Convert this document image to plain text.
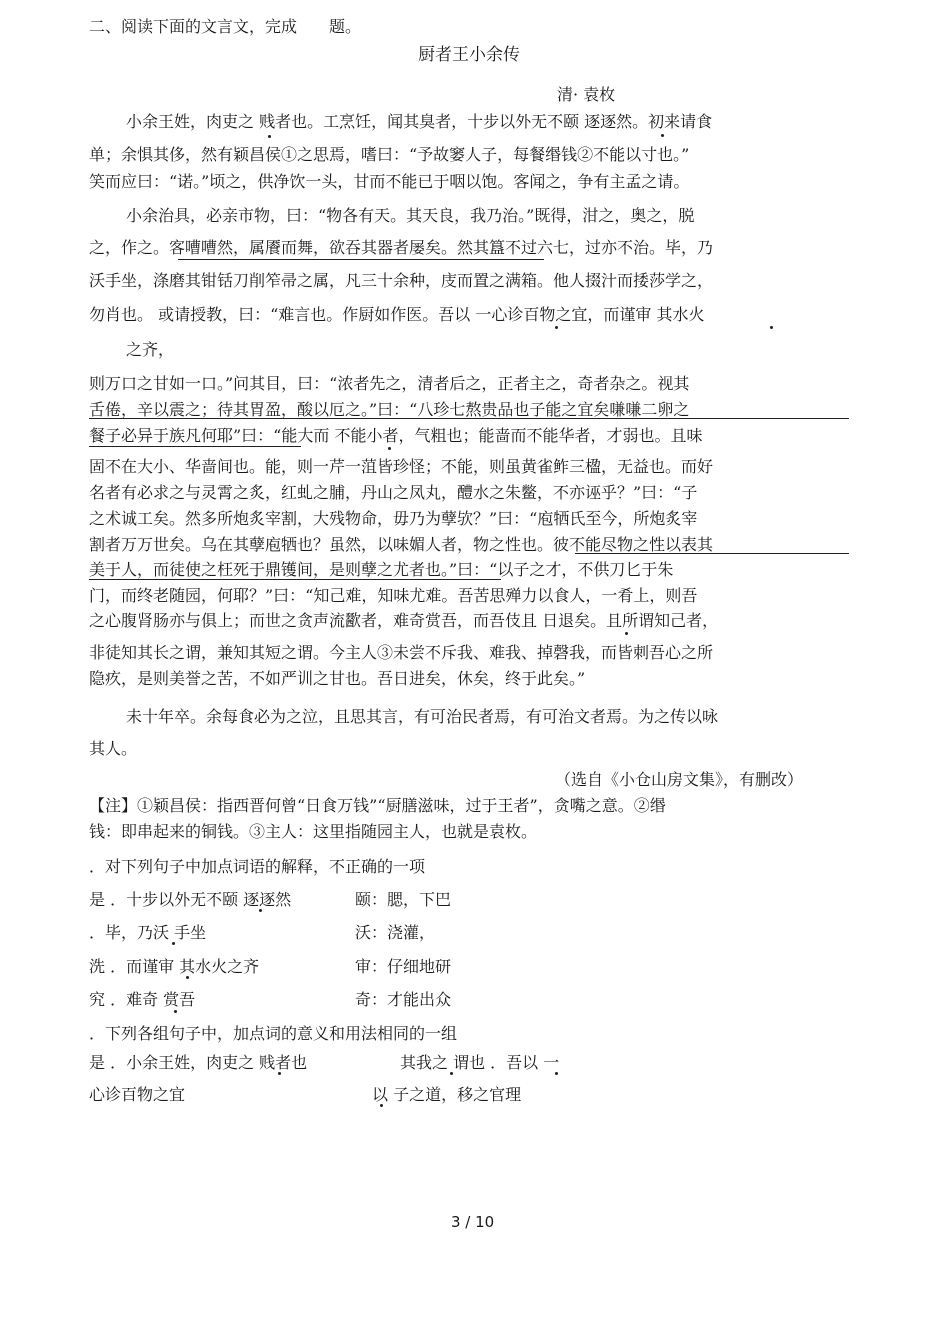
二、阅读下面的文言文，完成　　题。
厨者王小余传
清· 袁枚
小余王姓，肉吏之 贱者也。工烹饪，闻其臭者，十步以外无不颐 逐逐然。初来请食
单；余惧其侈，然有颖昌侯①之思焉，嗜曰：“予故窭人子，每餐缗钱②不能以寸也。”
笑而应曰：“诺。”顷之，供净饮一头，甘而不能已于咽以饱。客闻之，争有主孟之请。
小余治具，必亲市物，曰：“物各有天。其天良，我乃治。”既得，泔之，奥之，脱
之，作之。客嘈嘈然，属餍而舞，欲吞其器者屡矣。然其簋不过六七，过亦不治。毕，乃
沃手坐，涤磨其钳铦刀削笮帚之属，凡三十余种，庋而置之满箱。他人掇汁而捼莎学之，
勿肖也。 或请授教，曰：“难言也。作厨如作医。吾以 一心诊百物之宜，而谨审 其水火
之齐，
则万口之甘如一口。”问其目，曰：“浓者先之，清者后之，正者主之，奇者杂之。视其
舌倦，辛以震之；待其胃盈，酸以厄之。”曰：“八珍七熬贵品也子能之宜矣嗛嗛二卵之
餐子必异于族凡何耶”曰：“能大而 不能小者，气粗也；能啬而不能华者，才弱也。且味
固不在大小、华啬间也。能，则一芹一菹皆珍怪；不能，则虽黄雀鲊三楹，无益也。而好
名者有必求之与灵霄之炙，红虬之脯，丹山之凤丸，醴水之朱鳖，不亦诬乎？”曰：“子
之术诚工矣。然多所炮炙宰割，大残物命，毋乃为孽欤？”曰：“庖牺氏至今，所炮炙宰
割者万万世矣。乌在其孽庖牺也？虽然，以味媚人者，物之性也。彼不能尽物之性以表其
美于人，而徒使之枉死于鼎镬间，是则孽之尤者也。”曰：“以子之才，不供刀匕于朱
门，而终老随园，何耶？”曰：“知己难，知味尤难。吾苦思殚力以食人，一肴上，则吾
之心腹肾肠亦与俱上；而世之贪声流歠者，难奇赏吾，而吾伎且 日退矣。且所谓知己者，
非徒知其长之谓，兼知其短之谓。今主人③未尝不斥我、难我、掉磬我，而皆刺吾心之所
隐疚，是则美誉之苦，不如严训之甘也。吾日进矣，休矣，终于此矣。”
未十年卒。余每食必为之泣，且思其言，有可治民者焉，有可治文者焉。为之传以咏
其人。
（选自《小仓山房文集》，有删改）
【注】①颖昌侯：指西晋何曾“日食万钱”“厨膳滋味，过于王者”，贪嘴之意。②缗
钱：即串起来的铜钱。③主人：这里指随园主人，也就是袁枚。
．对下列句子中加点词语的解释，不正确的一项
是 ．十步以外无不颐 逐逐然	颐：腮，下巴
．毕，乃沃 手坐	沃：浇灌，
洗 ．而谨审 其水火之齐	审：仔细地研
究 ．难奇 赏吾	奇：才能出众
．下列各组句子中，加点词的意义和用法相同的一组
是 ．小余王姓，肉吏之 贱者也	其我之 谓也 ．吾以 一
心诊百物之宜	以 子之道，移之官理
3 / 10
